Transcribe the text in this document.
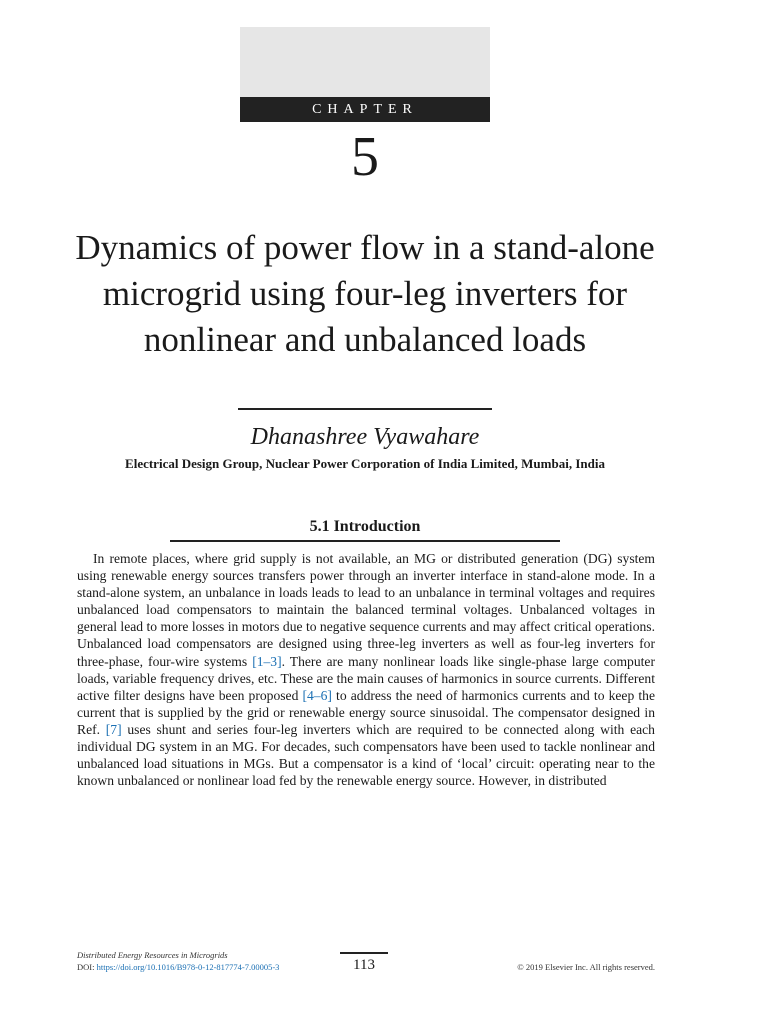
CHAPTER
5
Dynamics of power flow in a stand-alone microgrid using four-leg inverters for nonlinear and unbalanced loads
Dhanashree Vyawahare
Electrical Design Group, Nuclear Power Corporation of India Limited, Mumbai, India
5.1 Introduction

In remote places, where grid supply is not available, an MG or distributed generation (DG) system using renewable energy sources transfers power through an inverter interface in stand-alone mode. In a stand-alone system, an unbalance in loads leads to lead to an unbalance in terminal voltages and requires unbalanced load compensators to maintain the balanced terminal voltages. Unbalanced voltages in general lead to more losses in motors due to negative sequence currents and may affect critical operations. Unbalanced load compensators are designed using three-leg inverters as well as four-leg inverters for three-phase, four-wire systems [1–3]. There are many nonlinear loads like single-phase large computer loads, variable frequency drives, etc. These are the main causes of harmonics in source currents. Different active filter designs have been proposed [4–6] to address the need of harmonics currents and to keep the current that is supplied by the grid or renewable energy source sinusoidal. The compensator designed in Ref. [7] uses shunt and series four-leg inverters which are required to be connected along with each individual DG system in an MG. For decades, such compensators have been used to tackle nonlinear and unbalanced load situations in MGs. But a compensator is a kind of ‘local’ circuit: operating near to the known unbalanced or nonlinear load fed by the renewable energy source. However, in distributed

Distributed Energy Resources in Microgrids
DOI: https://doi.org/10.1016/B978-0-12-817774-7.00005-3	113	© 2019 Elsevier Inc. All rights reserved.
